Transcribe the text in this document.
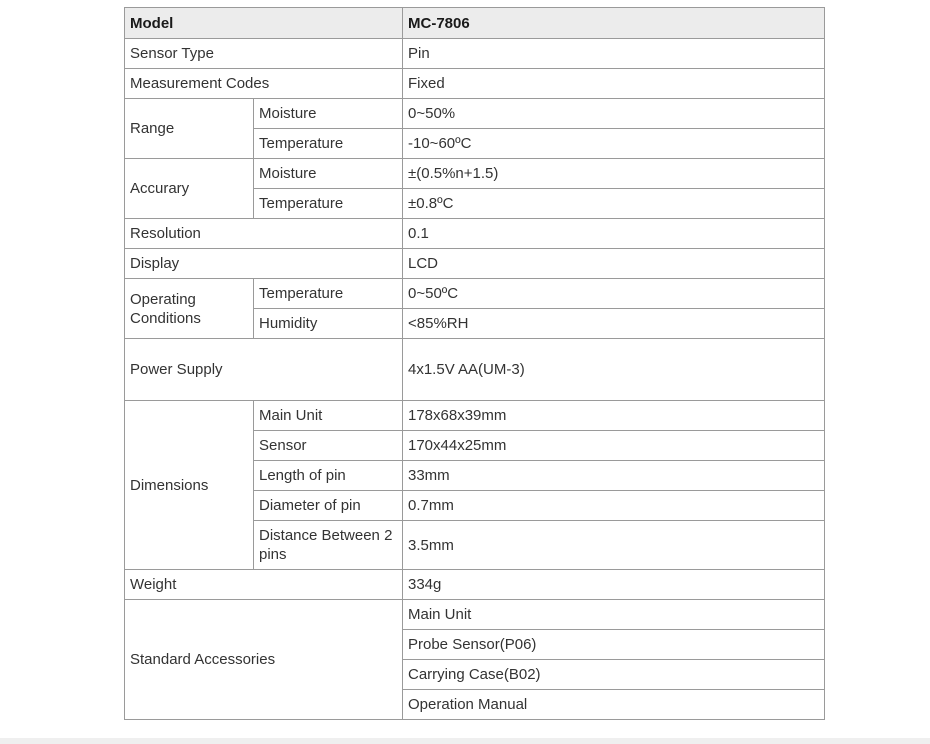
Model		MC-7806
Sensor Type		Pin
Measurement Codes		Fixed
Range	Moisture	0~50%
	Temperature	-10~60ºC
Accurary	Moisture	±(0.5%n+1.5)
	Temperature	±0.8ºC
Resolution		0.1
Display		LCD
Operating Conditions	Temperature	0~50ºC
	Humidity	<85%RH
Power Supply		4x1.5V AA(UM-3)
Dimensions	Main Unit	178x68x39mm
	Sensor	170x44x25mm
	Length of pin	33mm
	Diameter of pin	0.7mm
	Distance Between 2 pins	3.5mm
Weight		334g
Standard Accessories		Main Unit
		Probe Sensor(P06)
		Carrying Case(B02)
		Operation Manual
